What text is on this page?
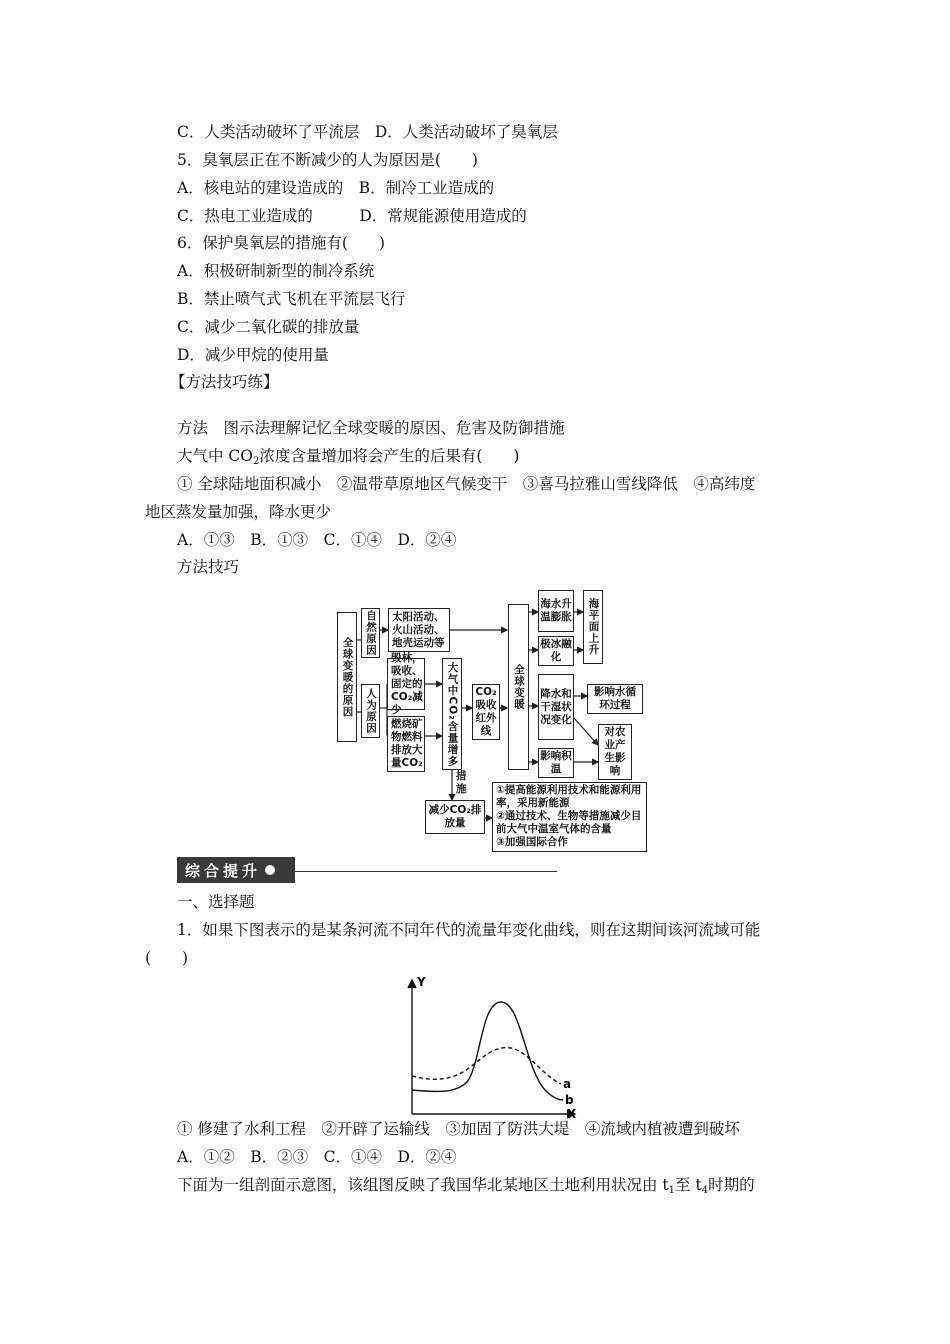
C．人类活动破坏了平流层　D．人类活动破坏了臭氧层
5．臭氧层正在不断减少的人为原因是(　　)
A．核电站的建设造成的　B．制冷工业造成的
C．热电工业造成的　　　D．常规能源使用造成的
6．保护臭氧层的措施有(　　)
A．积极研制新型的制冷系统
B．禁止喷气式飞机在平流层飞行
C．减少二氧化碳的排放量
D．减少甲烷的使用量
【方法技巧练】
方法　图示法理解记忆全球变暖的原因、危害及防御措施
大气中 $CO_2$浓度含量增加将会产生的后果有(　　)
① 全球陆地面积减小　②温带草原地区气候变干　③喜马拉雅山雪线降低　④高纬度
地区蒸发量加强，降水更少
A．①③　B．①③　C．①④　D．②④
方法技巧
全球变暖的原因
自然原因
人为原因
太阳活动、火山活动、地壳运动等
毁林，吸收、固定的CO₂减少
燃烧矿物燃料排放大量CO₂	大气中CO₂含量增多	CO₂吸收红外线
全球变暖
海水升温膨胀
极冰融化
海平面上升
降水和干湿状况变化
影响水循环过程
影响积温
对农业产生影响
措施
减少CO₂排放量
①提高能源利用技术和能源利用率，采用新能源
②通过技术、生物等措施减少目前大气中温室气体的含量
③加强国际合作
综合提升
一、选择题
1．如果下图表示的是某条河流不同年代的流量年变化曲线，则在这期间该河流域可能
(　　)
Y
X
a
b
① 修建了水利工程　②开辟了运输线　③加固了防洪大堤　④流域内植被遭到破坏
A．①②　B．②③　C．①④　D．②④
下面为一组剖面示意图，该组图反映了我国华北某地区土地利用状况由 $t_1$至 $t_4$时期的
